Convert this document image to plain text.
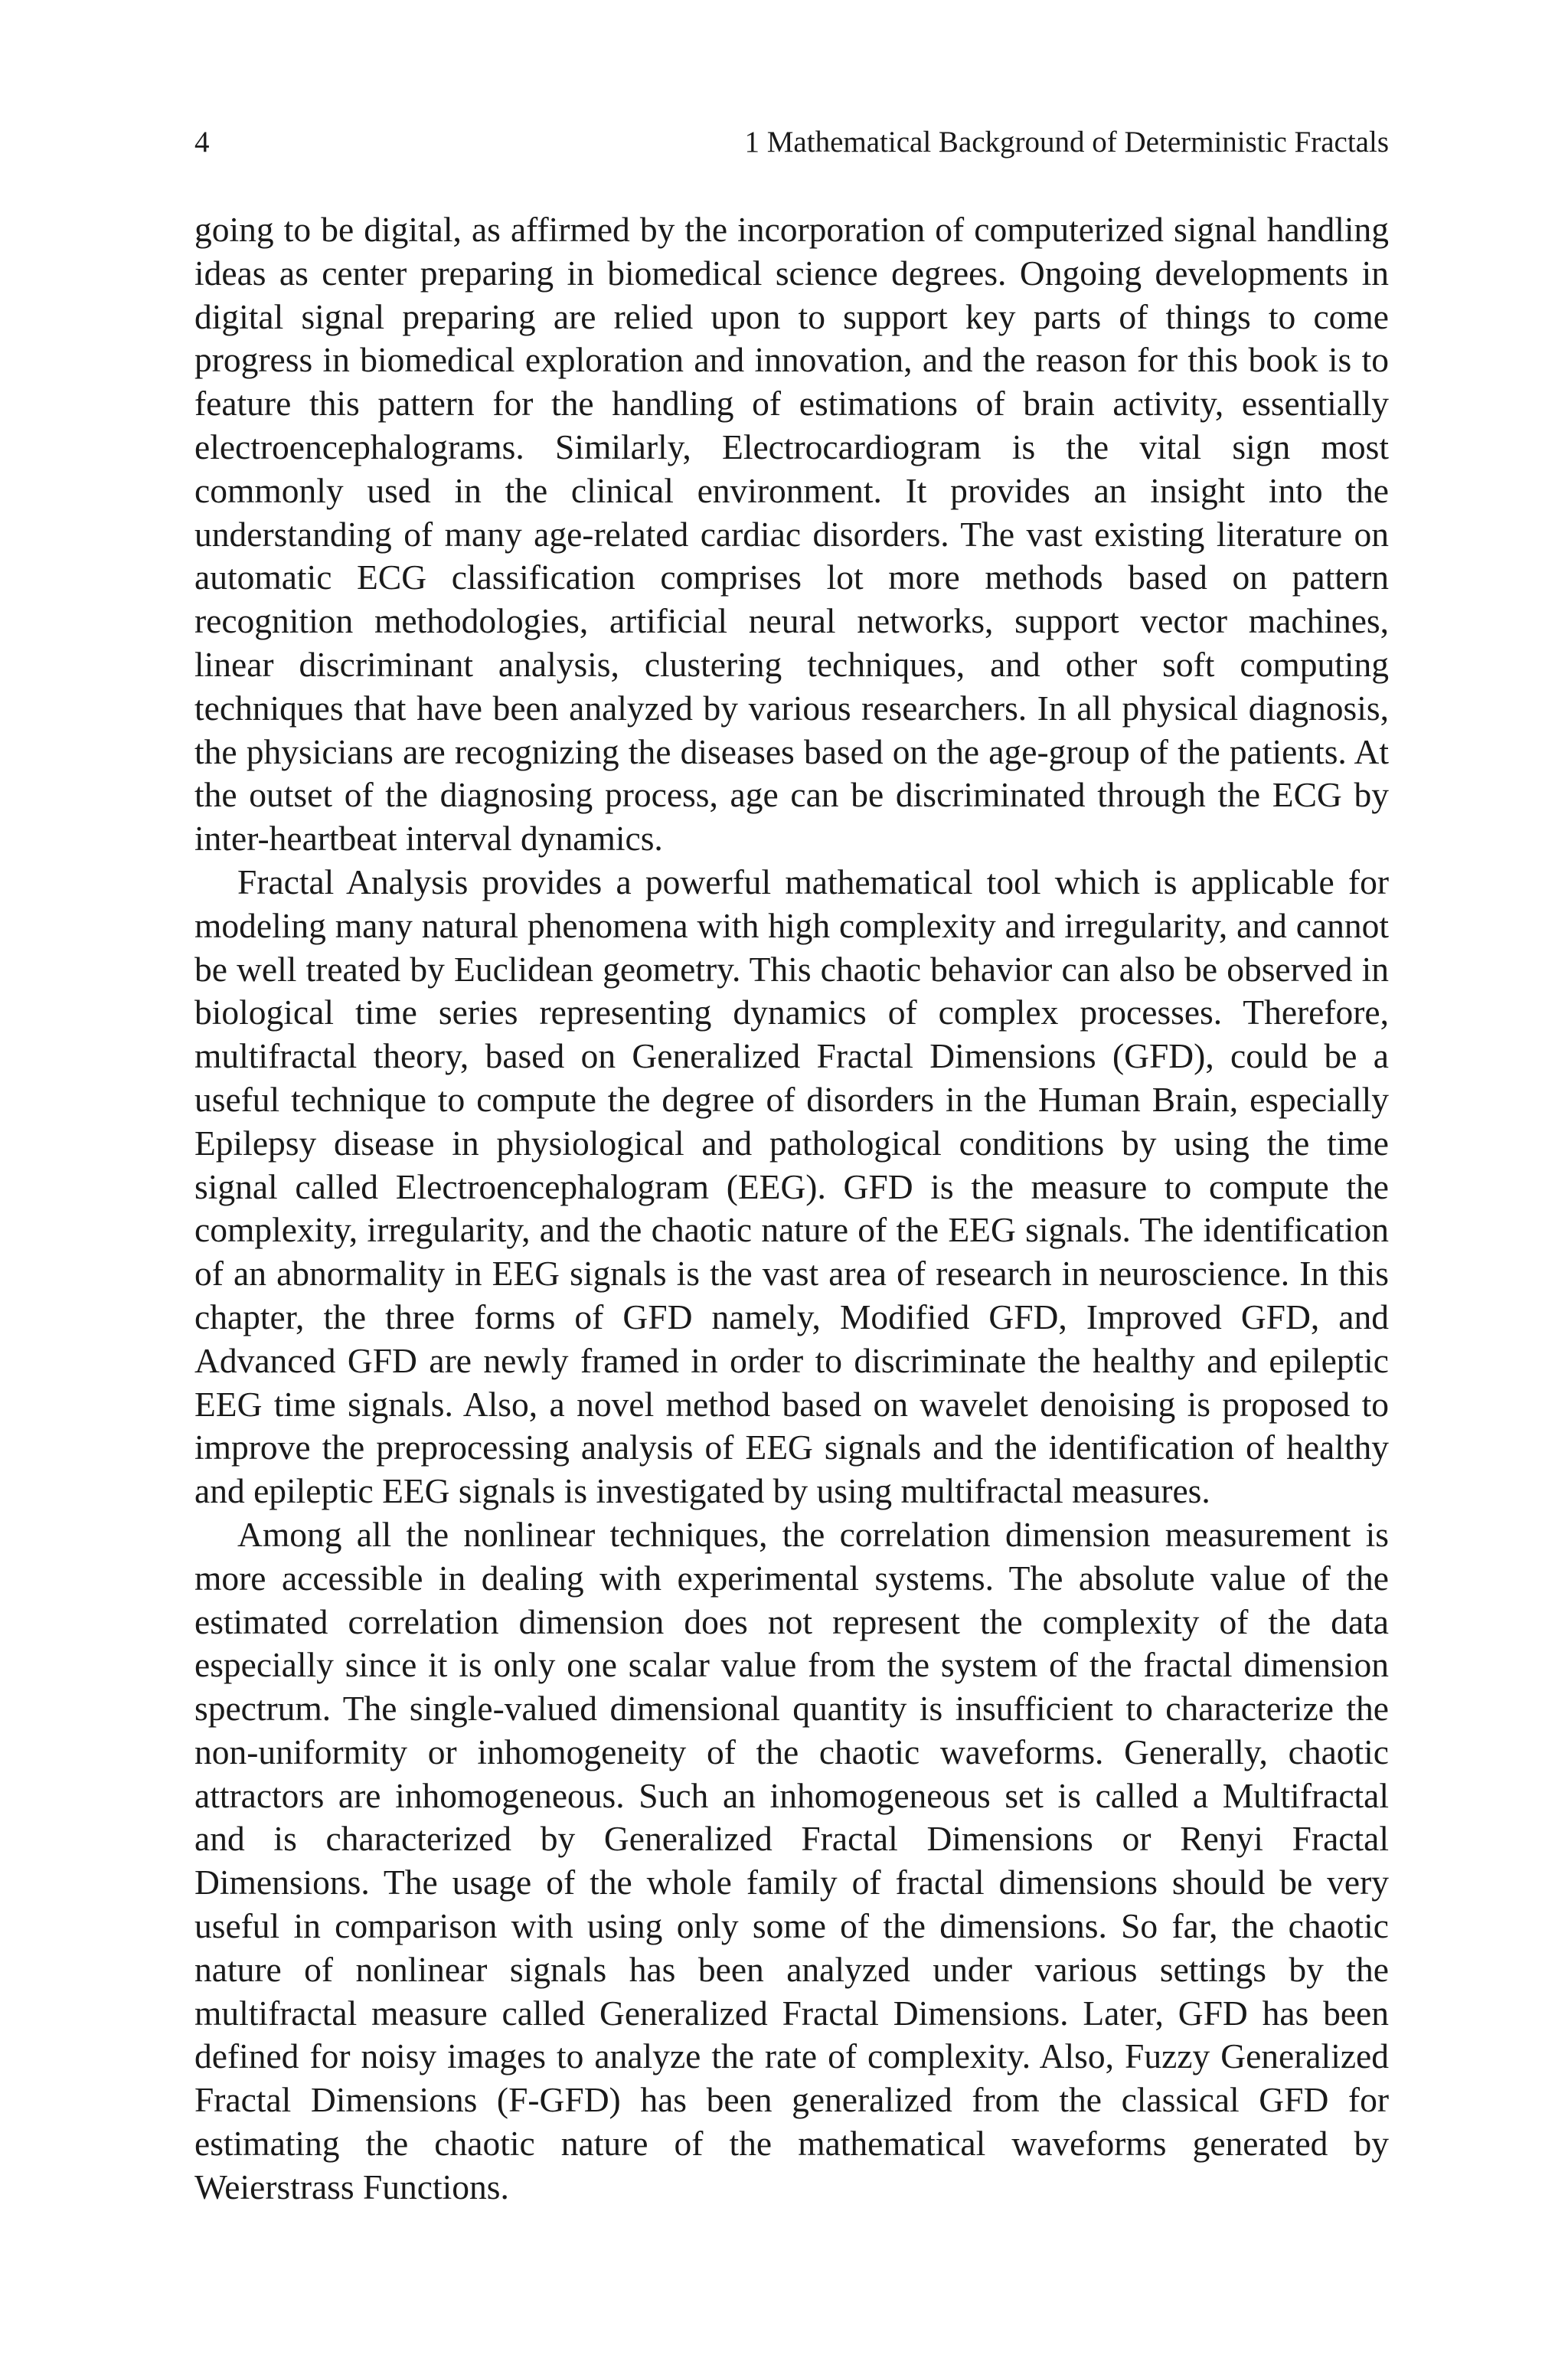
4	1 Mathematical Background of Deterministic Fractals

going to be digital, as affirmed by the incorporation of computerized signal handling ideas as center preparing in biomedical science degrees. Ongoing developments in digital signal preparing are relied upon to support key parts of things to come progress in biomedical exploration and innovation, and the reason for this book is to feature this pattern for the handling of estimations of brain activity, essentially electroencephalograms. Similarly, Electrocardiogram is the vital sign most commonly used in the clinical environment. It provides an insight into the understanding of many age-related cardiac disorders. The vast existing literature on automatic ECG classification comprises lot more methods based on pattern recognition methodologies, artificial neural networks, support vector machines, linear discriminant analysis, clustering techniques, and other soft computing techniques that have been analyzed by various researchers. In all physical diagnosis, the physicians are recognizing the diseases based on the age-group of the patients. At the outset of the diagnosing process, age can be discriminated through the ECG by inter-heartbeat interval dynamics.

Fractal Analysis provides a powerful mathematical tool which is applicable for modeling many natural phenomena with high complexity and irregularity, and cannot be well treated by Euclidean geometry. This chaotic behavior can also be observed in biological time series representing dynamics of complex processes. Therefore, multifractal theory, based on Generalized Fractal Dimensions (GFD), could be a useful technique to compute the degree of disorders in the Human Brain, especially Epilepsy disease in physiological and pathological conditions by using the time signal called Electroencephalogram (EEG). GFD is the measure to compute the complexity, irregularity, and the chaotic nature of the EEG signals. The identification of an abnormality in EEG signals is the vast area of research in neuroscience. In this chapter, the three forms of GFD namely, Modified GFD, Improved GFD, and Advanced GFD are newly framed in order to discriminate the healthy and epileptic EEG time signals. Also, a novel method based on wavelet denoising is proposed to improve the preprocessing analysis of EEG signals and the identification of healthy and epileptic EEG signals is investigated by using multifractal measures.

Among all the nonlinear techniques, the correlation dimension measurement is more accessible in dealing with experimental systems. The absolute value of the estimated correlation dimension does not represent the complexity of the data especially since it is only one scalar value from the system of the fractal dimension spectrum. The single-valued dimensional quantity is insufficient to characterize the non-uniformity or inhomogeneity of the chaotic waveforms. Generally, chaotic attractors are inhomogeneous. Such an inhomogeneous set is called a Multifractal and is characterized by Generalized Fractal Dimensions or Renyi Fractal Dimensions. The usage of the whole family of fractal dimensions should be very useful in comparison with using only some of the dimensions. So far, the chaotic nature of nonlinear signals has been analyzed under various settings by the multifractal measure called Generalized Fractal Dimensions. Later, GFD has been defined for noisy images to analyze the rate of complexity. Also, Fuzzy Generalized Fractal Dimensions (F-GFD) has been generalized from the classical GFD for estimating the chaotic nature of the mathematical waveforms generated by Weierstrass Functions.
